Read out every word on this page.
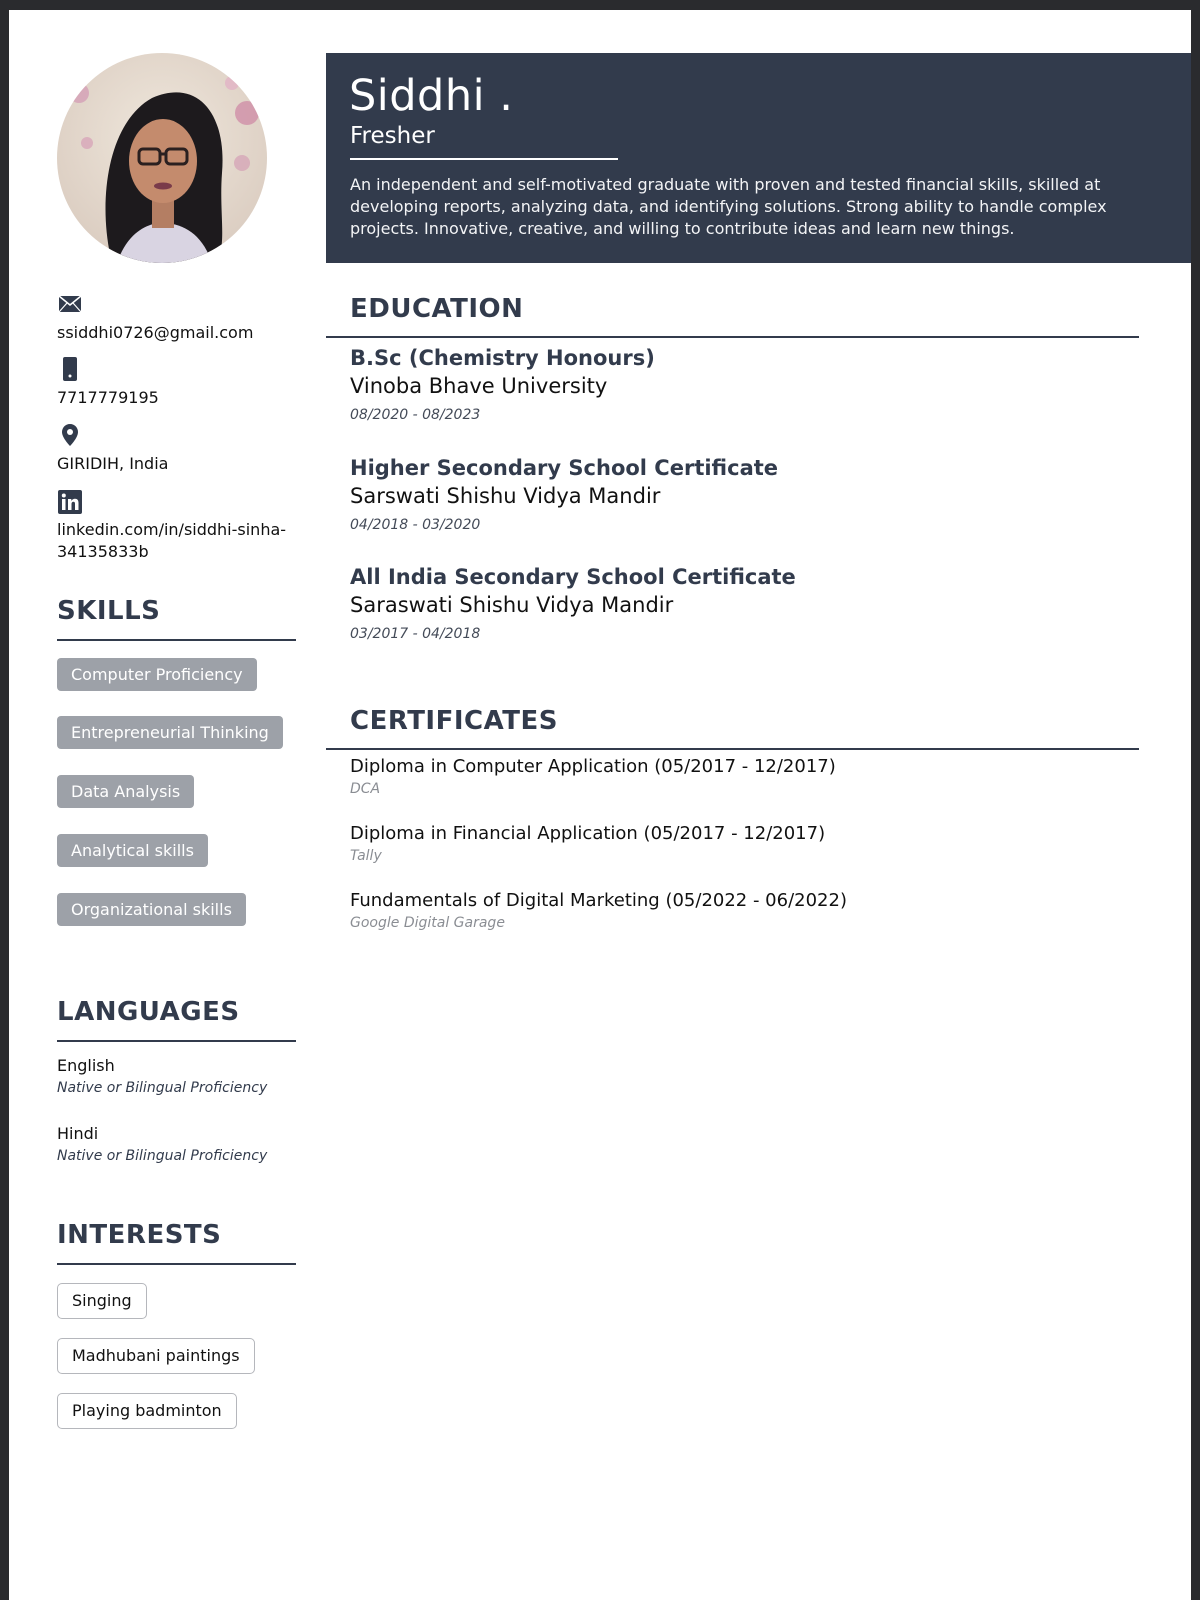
Siddhi .
Fresher
An independent and self-motivated graduate with proven and tested financial skills, skilled at developing reports, analyzing data, and identifying solutions. Strong ability to handle complex projects. Innovative, creative, and willing to contribute ideas and learn new things.
ssiddhi0726@gmail.com
7717779195
GIRIDIH, India
linkedin.com/in/siddhi-sinha-34135833b
SKILLS
Computer Proficiency
Entrepreneurial Thinking
Data Analysis
Analytical skills
Organizational skills
LANGUAGES
English
Native or Bilingual Proficiency
Hindi
Native or Bilingual Proficiency
INTERESTS
Singing
Madhubani paintings
Playing badminton
EDUCATION
B.Sc (Chemistry Honours)
Vinoba Bhave University
08/2020 - 08/2023
Higher Secondary School Certificate
Sarswati Shishu Vidya Mandir
04/2018 - 03/2020
All India Secondary School Certificate
Saraswati Shishu Vidya Mandir
03/2017 - 04/2018
CERTIFICATES
Diploma in Computer Application (05/2017 - 12/2017)
DCA
Diploma in Financial Application (05/2017 - 12/2017)
Tally
Fundamentals of Digital Marketing (05/2022 - 06/2022)
Google Digital Garage
